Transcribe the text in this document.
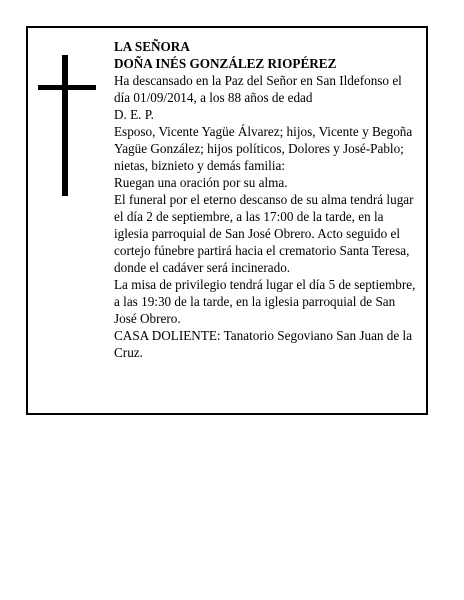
LA SEÑORA

DOÑA INÉS GONZÁLEZ RIOPÉREZ

Ha descansado en la Paz del Señor en San Ildefonso el día 01/09/2014, a los 88 años de edad

D. E. P.

Esposo, Vicente Yagüe Álvarez; hijos, Vicente y Begoña Yagüe González; hijos políticos, Dolores y José-Pablo; nietas, biznieto y demás familia:

Ruegan una oración por su alma.

El funeral por el eterno descanso de su alma tendrá lugar el día 2 de septiembre, a las 17:00 de la tarde, en la iglesia parroquial de San José Obrero. Acto seguido el cortejo fúnebre partirá hacia el crematorio Santa Teresa, donde el cadáver será incinerado.

La misa de privilegio tendrá lugar el día 5 de septiembre, a las 19:30 de la tarde, en la iglesia parroquial de San José Obrero.

CASA DOLIENTE: Tanatorio Segoviano San Juan de la Cruz.
